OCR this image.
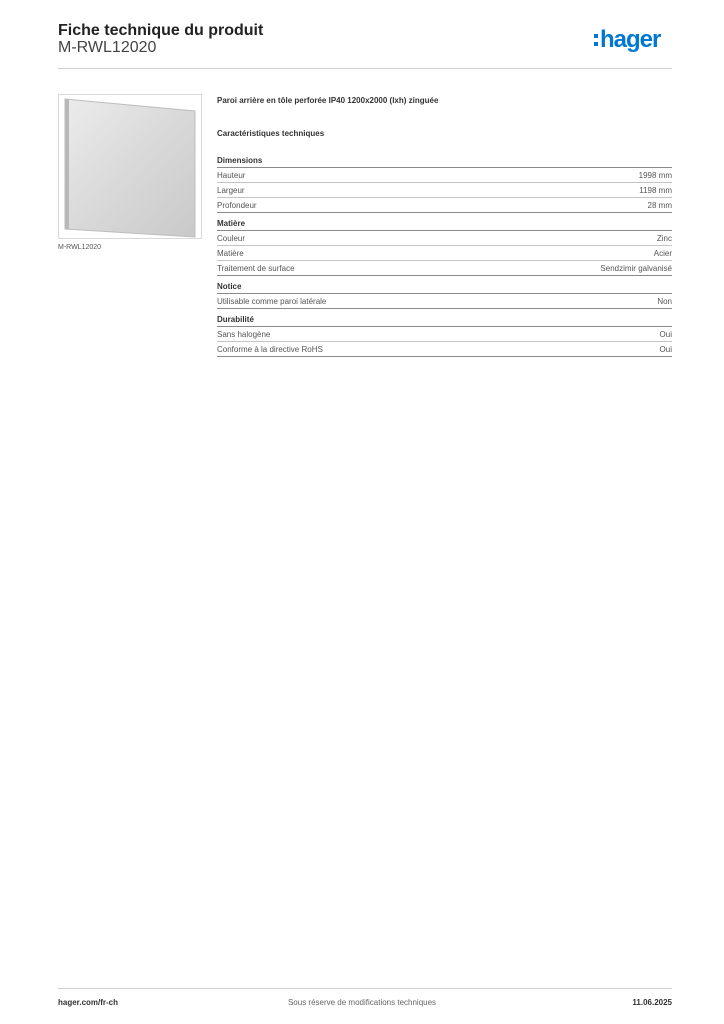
Fiche technique du produit
M-RWL12020	hager
M-RWL12020
Paroi arrière en tôle perforée IP40 1200x2000 (lxh) zinguée
Caractéristiques techniques
Dimensions
Hauteur	1998 mm
Largeur	1198 mm
Profondeur	28 mm
Matière
Couleur	Zinc
Matière	Acier
Traitement de surface	Sendzimir galvanisé
Notice
Utilisable comme paroi latérale	Non
Durabilité
Sans halogène	Oui
Conforme à la directive RoHS	Oui
hager.com/fr-ch	Sous réserve de modifications techniques	11.06.2025
